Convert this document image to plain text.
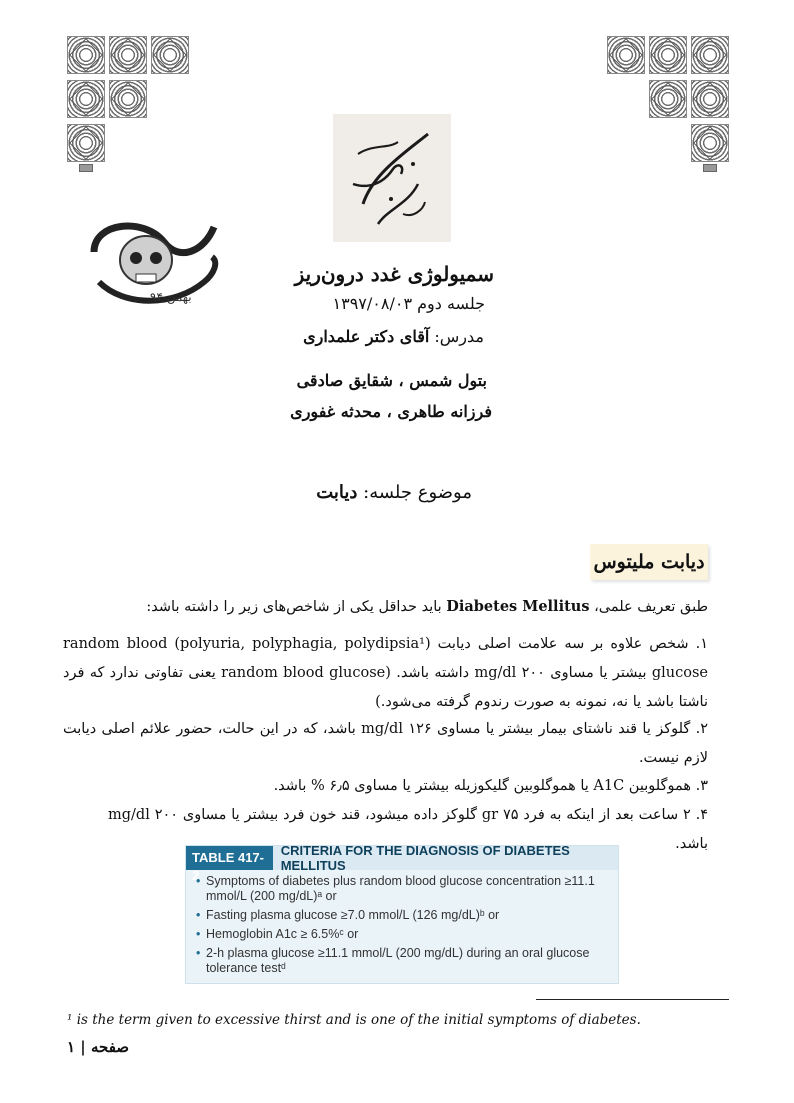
بهمن ۹۴
سمیولوژی غدد درون‌ریز
جلسه دوم ۱۳۹۷/۰۸/۰۳
مدرس: آقای دکتر علمداری
بتول شمس ، شقایق صادقی
فرزانه طاهری ، محدثه غفوری
موضوع جلسه: دیابت
دیابت ملیتوس
طبق تعریف علمی، Diabetes Mellitus باید حداقل یکی از شاخص‌های زیر را داشته باشد:
۱. شخص علاوه بر سه علامت اصلی دیابت (polyuria, polyphagia, polydipsia¹) random blood glucose بیشتر یا مساوی ۲۰۰ mg/dl داشته باشد. (random blood glucose یعنی تفاوتی ندارد که فرد ناشتا باشد یا نه، نمونه به صورت رندوم گرفته می‌شود.)
۲. گلوکز یا قند ناشتای بیمار بیشتر یا مساوی ۱۲۶ mg/dl باشد، که در این حالت، حضور علائم اصلی دیابت لازم نیست.
۳. هموگلوبین A1C یا هموگلوبین گلیکوزیله بیشتر یا مساوی ۶٫۵ % باشد.
۴. ۲ ساعت بعد از اینکه به فرد ۷۵ gr گلوکز داده میشود، قند خون فرد بیشتر یا مساوی ۲۰۰ mg/dl باشد.
TABLE 417-2
CRITERIA FOR THE DIAGNOSIS OF DIABETES MELLITUS
• Symptoms of diabetes plus random blood glucose concentration ≥11.1 mmol/L (200 mg/dL)ᵃ or
• Fasting plasma glucose ≥7.0 mmol/L (126 mg/dL)ᵇ or
• Hemoglobin A1c ≥ 6.5%ᶜ or
• 2-h plasma glucose ≥11.1 mmol/L (200 mg/dL) during an oral glucose tolerance testᵈ
¹ is the term given to excessive thirst and is one of the initial symptoms of diabetes.
صفحه | ۱
